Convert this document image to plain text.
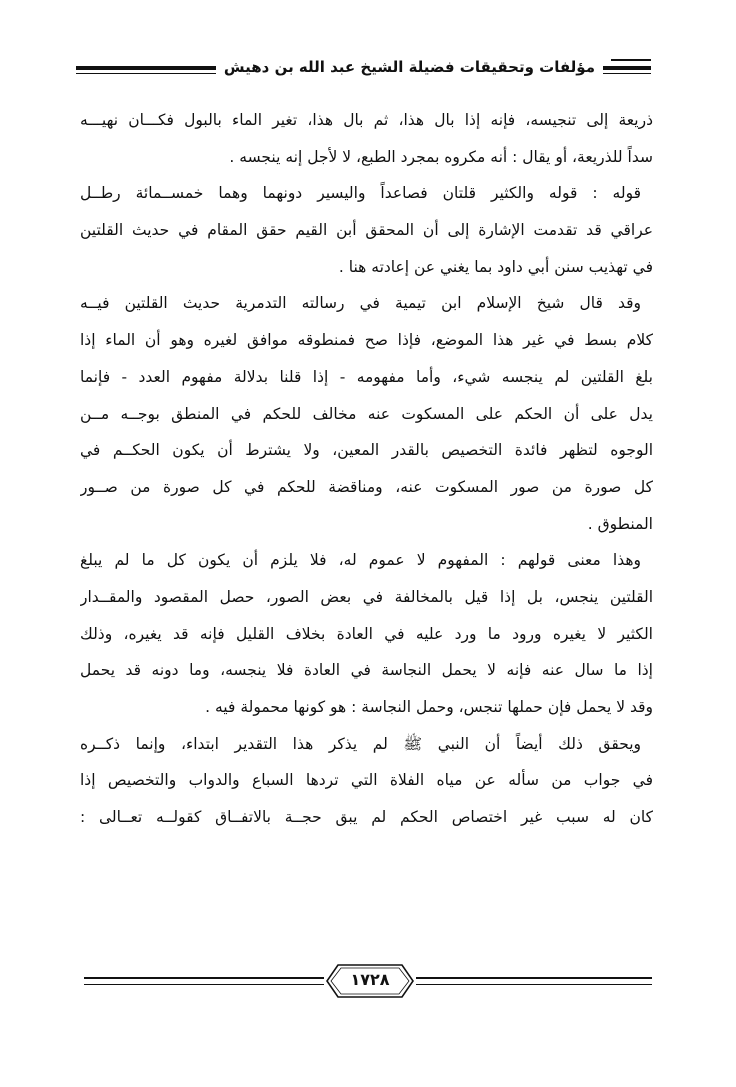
مؤلفات وتحقيقات فضيلة الشيخ عبد الله بن دهيش
ذريعة إلى تنجيسه، فإنه إذا بال هذا، ثم بال هذا، تغير الماء بالبول فكـــان نهيـــه
سداً للذريعة، أو يقال : أنه مكروه بمجرد الطبع، لا لأجل إنه ينجسه .
قوله : قوله والكثير قلتان فصاعداً واليسير دونهما وهما خمســمائة رطــل
عراقي قد تقدمت الإشارة إلى أن المحقق أبن القيم حقق المقام في حديث القلتين
في تهذيب سنن أبي داود بما يغني عن إعادته هنا .
وقد قال شيخ الإسلام ابن تيمية في رسالته التدمرية حديث القلتين فيــه
كلام بسط في غير هذا الموضع، فإذا صح فمنطوقه موافق لغيره وهو أن الماء إذا
بلغ القلتين لم ينجسه شيء، وأما مفهومه - إذا قلنا بدلالة مفهوم العدد - فإنما
يدل على أن الحكم على المسكوت عنه مخالف للحكم في المنطق بوجــه مــن
الوجوه لتظهر فائدة التخصيص بالقدر المعين، ولا يشترط أن يكون الحكــم في
كل صورة من صور المسكوت عنه، ومناقضة للحكم في كل صورة من صــور
المنطوق .
وهذا معنى قولهم : المفهوم لا عموم له، فلا يلزم أن يكون كل ما لم يبلغ
القلتين ينجس، بل إذا قيل بالمخالفة في بعض الصور، حصل المقصود والمقــدار
الكثير لا يغيره ورود ما ورد عليه في العادة بخلاف القليل فإنه قد يغيره، وذلك
إذا ما سال عنه فإنه لا يحمل النجاسة في العادة فلا ينجسه، وما دونه قد يحمل
وقد لا يحمل فإن حملها تنجس، وحمل النجاسة : هو كونها محمولة فيه .
ويحقق ذلك أيضاً أن النبي ﷺ لم يذكر هذا التقدير ابتداء، وإنما ذكــره
في جواب من سأله عن مياه الفلاة التي تردها السباع والدواب والتخصيص إذا
كان له سبب غير اختصاص الحكم لم يبق حجــة بالاتفــاق كقولــه تعــالى :
١٧٢٨
